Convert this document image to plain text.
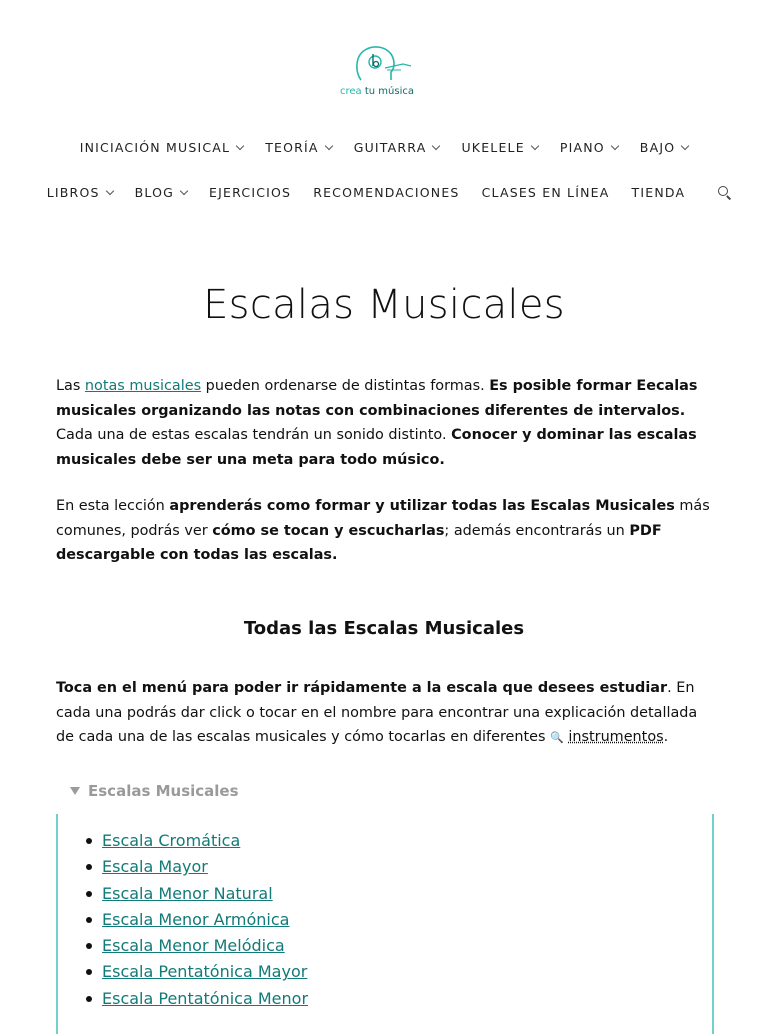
crea tu música
INICIACIÓN MUSICAL	TEORÍA	GUITARRA	UKELELE	PIANO	BAJO
LIBROS	BLOG	EJERCICIOS RECOMENDACIONES CLASES EN LÍNEA TIENDA
Escalas Musicales

Las notas musicales pueden ordenarse de distintas formas. Es posible formar Eecalas musicales organizando las notas con combinaciones diferentes de intervalos. Cada una de estas escalas tendrán un sonido distinto. Conocer y dominar las escalas musicales debe ser una meta para todo músico.

En esta lección aprenderás como formar y utilizar todas las Escalas Musicales más comunes, podrás ver cómo se tocan y escucharlas; además encontrarás un PDF descargable con todas las escalas.

Todas las Escalas Musicales

Toca en el menú para poder ir rápidamente a la escala que desees estudiar. En cada una podrás dar click o tocar en el nombre para encontrar una explicación detallada de cada una de las escalas musicales y cómo tocarlas en diferentes 🔍 instrumentos.

Escalas Musicales
Escala Cromática
Escala Mayor
Escala Menor Natural
Escala Menor Armónica
Escala Menor Melódica
Escala Pentatónica Mayor
Escala Pentatónica Menor
